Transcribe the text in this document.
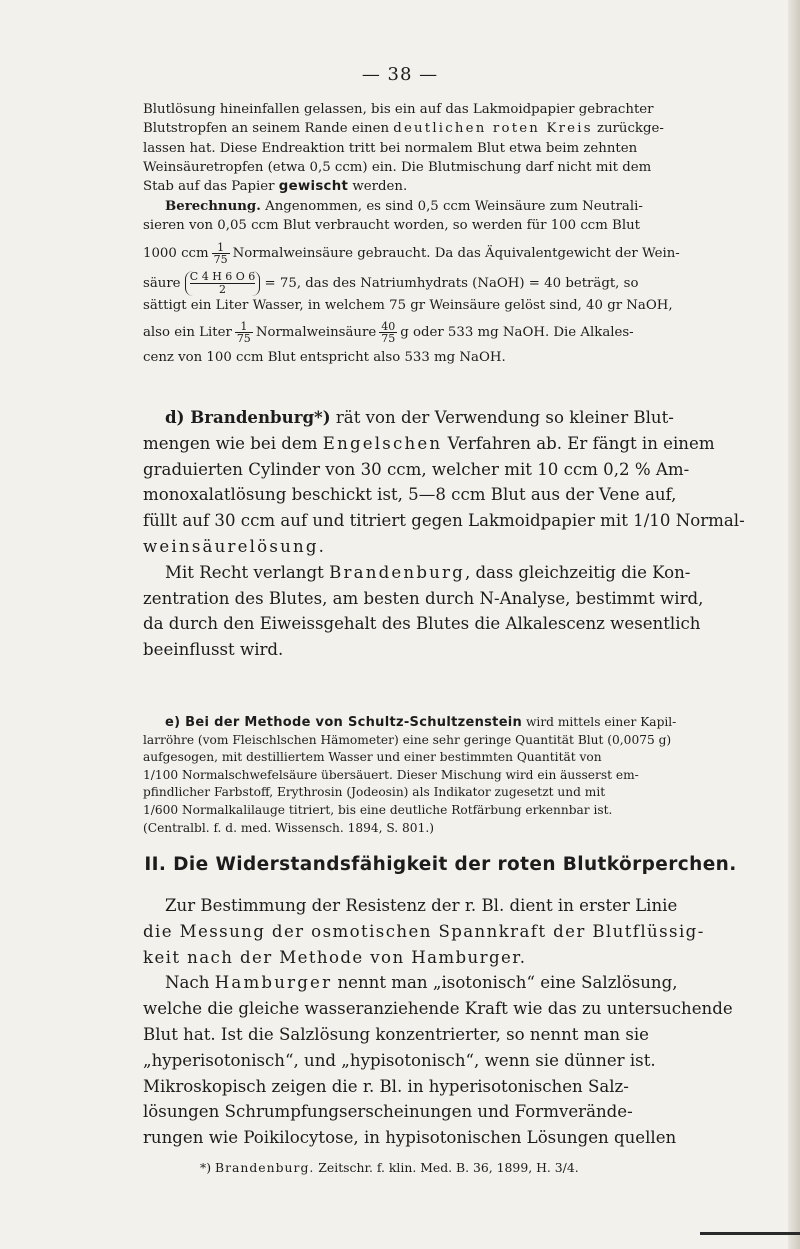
— 38 —

Blutlösung hineinfallen gelassen, bis ein auf das Lakmoidpapier gebrachter

Blutstropfen an seinem Rande einen deutlichen roten Kreis zurückge-

lassen hat. Diese Endreaktion tritt bei normalem Blut etwa beim zehnten

Weinsäuretropfen (etwa 0,5 ccm) ein. Die Blutmischung darf nicht mit dem

Stab auf das Papier gewischt werden.

Berechnung. Angenommen, es sind 0,5 ccm Weinsäure zum Neutrali-

sieren von 0,05 ccm Blut verbraucht worden, so werden für 100 ccm Blut

1000 ccm $\frac{1}{75}$ Normalweinsäure gebraucht. Da das Äquivalentgewicht der Wein-

säure $\frac{C 4 H 6 O 6}{2} = 75$, das des Natriumhydrats (NaOH) = 40 beträgt, so

sättigt ein Liter Wasser, in welchem 75 gr Weinsäure gelöst sind, 40 gr NaOH,

also ein Liter $\frac{1}{75}$ Normalweinsäure $\frac{40}{75}$ g oder 533 mg NaOH. Die Alkales-

cenz von 100 ccm Blut entspricht also 533 mg NaOH.

d) Brandenburg*) rät von der Verwendung so kleiner Blut-

mengen wie bei dem Engelschen Verfahren ab. Er fängt in einem

graduierten Cylinder von 30 ccm, welcher mit 10 ccm 0,2 % Am-

monoxalatlösung beschickt ist, 5—8 ccm Blut aus der Vene auf,

füllt auf 30 ccm auf und titriert gegen Lakmoidpapier mit 1/10 Normal-

weinsäurelösung.

Mit Recht verlangt Brandenburg, dass gleichzeitig die Kon-

zentration des Blutes, am besten durch N-Analyse, bestimmt wird,

da durch den Eiweissgehalt des Blutes die Alkalescenz wesentlich

beeinflusst wird.

e) Bei der Methode von Schultz-Schultzenstein wird mittels einer Kapil-

larröhre (vom Fleischlschen Hämometer) eine sehr geringe Quantität Blut (0,0075 g)

aufgesogen, mit destilliertem Wasser und einer bestimmten Quantität von

1/100 Normalschwefelsäure übersäuert. Dieser Mischung wird ein äusserst em-

pfindlicher Farbstoff, Erythrosin (Jodeosin) als Indikator zugesetzt und mit

1/600 Normalkalilauge titriert, bis eine deutliche Rotfärbung erkennbar ist.

(Centralbl. f. d. med. Wissensch. 1894, S. 801.)

II. Die Widerstandsfähigkeit der roten Blutkörperchen.

Zur Bestimmung der Resistenz der r. Bl. dient in erster Linie

die Messung der osmotischen Spannkraft der Blutflüssig-

keit nach der Methode von Hamburger.

Nach Hamburger nennt man „isotonisch“ eine Salzlösung,

welche die gleiche wasseranziehende Kraft wie das zu untersuchende

Blut hat. Ist die Salzlösung konzentrierter, so nennt man sie

„hyperisotonisch“, und „hypisotonisch“, wenn sie dünner ist.

Mikroskopisch zeigen die r. Bl. in hyperisotonischen Salz-

lösungen Schrumpfungserscheinungen und Formverände-

rungen wie Poikilocytose, in hypisotonischen Lösungen quellen

*) Brandenburg. Zeitschr. f. klin. Med. B. 36, 1899, H. 3/4.
